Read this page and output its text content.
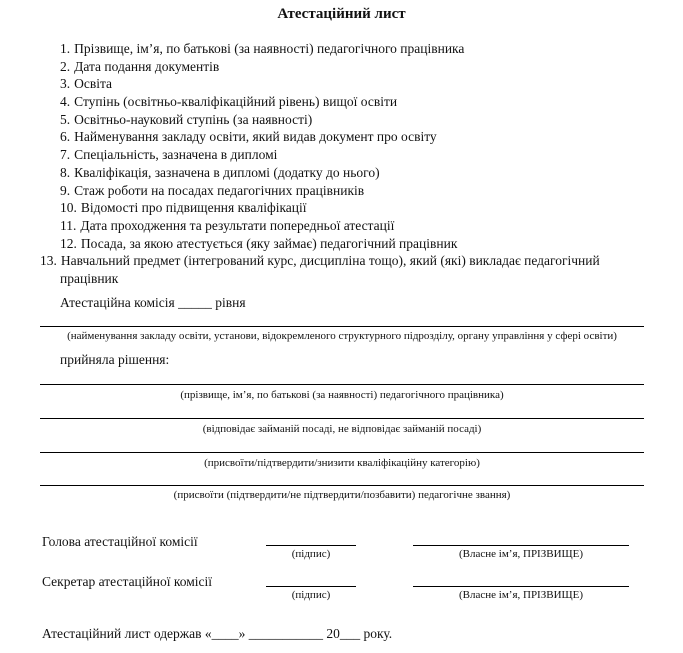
Атестаційний лист
1. Прізвище, ім’я, по батькові (за наявності) педагогічного працівника
2. Дата подання документів
3. Освіта
4. Ступінь (освітньо-кваліфікаційний рівень) вищої освіти
5. Освітньо-науковий ступінь (за наявності)
6. Найменування закладу освіти, який видав документ про освіту
7. Спеціальність, зазначена в дипломі
8. Кваліфікація, зазначена в дипломі (додатку до нього)
9. Стаж роботи на посадах педагогічних працівників
10. Відомості про підвищення кваліфікації
11. Дата проходження та результати попередньої атестації
12. Посада, за якою атестується (яку займає) педагогічний працівник
13. Навчальний предмет (інтегрований курс, дисципліна тощо), який (які) викладає педагогічний працівник
Атестаційна комісія _____ рівня
(найменування закладу освіти, установи, відокремленого структурного підрозділу, органу управління у сфері освіти)
прийняла рішення:
(прізвище, ім’я, по батькові (за наявності) педагогічного працівника)
(відповідає займаній посаді, не відповідає займаній посаді)
(присвоїти/підтвердити/знизити кваліфікаційну категорію)
(присвоїти (підтвердити/не підтвердити/позбавити) педагогічне звання)
Голова атестаційної комісії
(підпис)	(Власне ім’я, ПРІЗВИЩЕ)
Секретар атестаційної комісії
(підпис)	(Власне ім’я, ПРІЗВИЩЕ)
Атестаційний лист одержав «____» ___________ 20___ року.
